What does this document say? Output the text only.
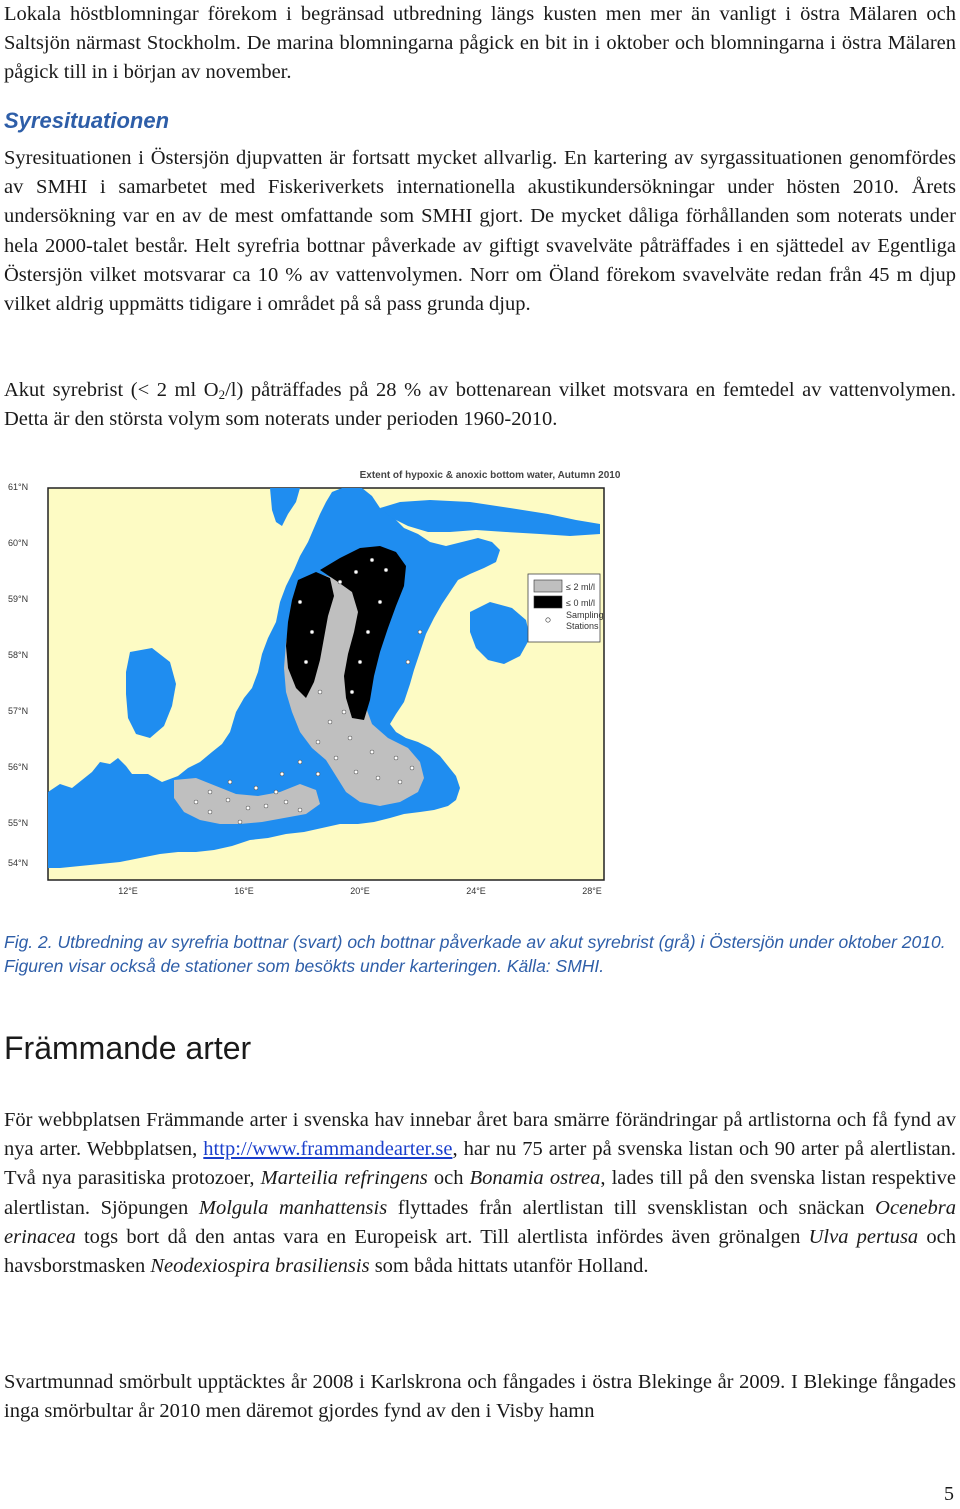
Lokala höstblomningar förekom i begränsad utbredning längs kusten men mer än vanligt i östra Mälaren och Saltsjön närmast Stockholm. De marina blomningarna pågick en bit in i oktober och blomningarna i östra Mälaren pågick till in i början av november.

Syresituationen

Syresituationen i Östersjön djupvatten är fortsatt mycket allvarlig. En kartering av syrgassituationen genomfördes av SMHI i samarbetet med Fiskeriverkets internationella akustikundersökningar under hösten 2010. Årets undersökning var en av de mest omfattande som SMHI gjort. De mycket dåliga förhållanden som noterats under hela 2000-talet består. Helt syrefria bottnar påverkade av giftigt svavelväte påträffades i en sjättedel av Egentliga Östersjön vilket motsvarar ca 10 % av vattenvolymen. Norr om Öland förekom svavelväte redan från 45 m djup vilket aldrig uppmätts tidigare i området på så pass grunda djup.

Akut syrebrist (< 2 ml $O_2/l$) påträffades på 28 % av bottenarean vilket motsvara en femtedel av vattenvolymen. Detta är den största volym som noterats under perioden 1960-2010.

Extent of hypoxic & anoxic bottom water, Autumn 2010
≤ 2 ml/l
≤ 0 ml/l
Sampling
Stations
61°N
60°N
59°N
58°N
57°N
56°N
55°N
54°N
12°E	16°E	20°E	24°E	28°E

Fig. 2. Utbredning av syrefria bottnar (svart) och bottnar påverkade av akut syrebrist (grå) i Östersjön under oktober 2010. Figuren visar också de stationer som besökts under karteringen. Källa: SMHI.

Främmande arter

För webbplatsen Främmande arter i svenska hav innebar året bara smärre förändringar på artlistorna och få fynd av nya arter. Webbplatsen, http://www.frammandearter.se, har nu 75 arter på svenska listan och 90 arter på alertlistan. Två nya parasitiska protozoer, Marteilia refringens och Bonamia ostrea, lades till på den svenska listan respektive alertlistan. Sjöpungen Molgula manhattensis flyttades från alertlistan till svensklistan och snäckan Ocenebra erinacea togs bort då den antas vara en Europeisk art. Till alertlista infördes även grönalgen Ulva pertusa och havsborstmasken Neodexiospira brasiliensis som båda hittats utanför Holland.

Svartmunnad smörbult upptäcktes år 2008 i Karlskrona och fångades i östra Blekinge år 2009. I Blekinge fångades inga smörbultar år 2010 men däremot gjordes fynd av den i Visby hamn

5
